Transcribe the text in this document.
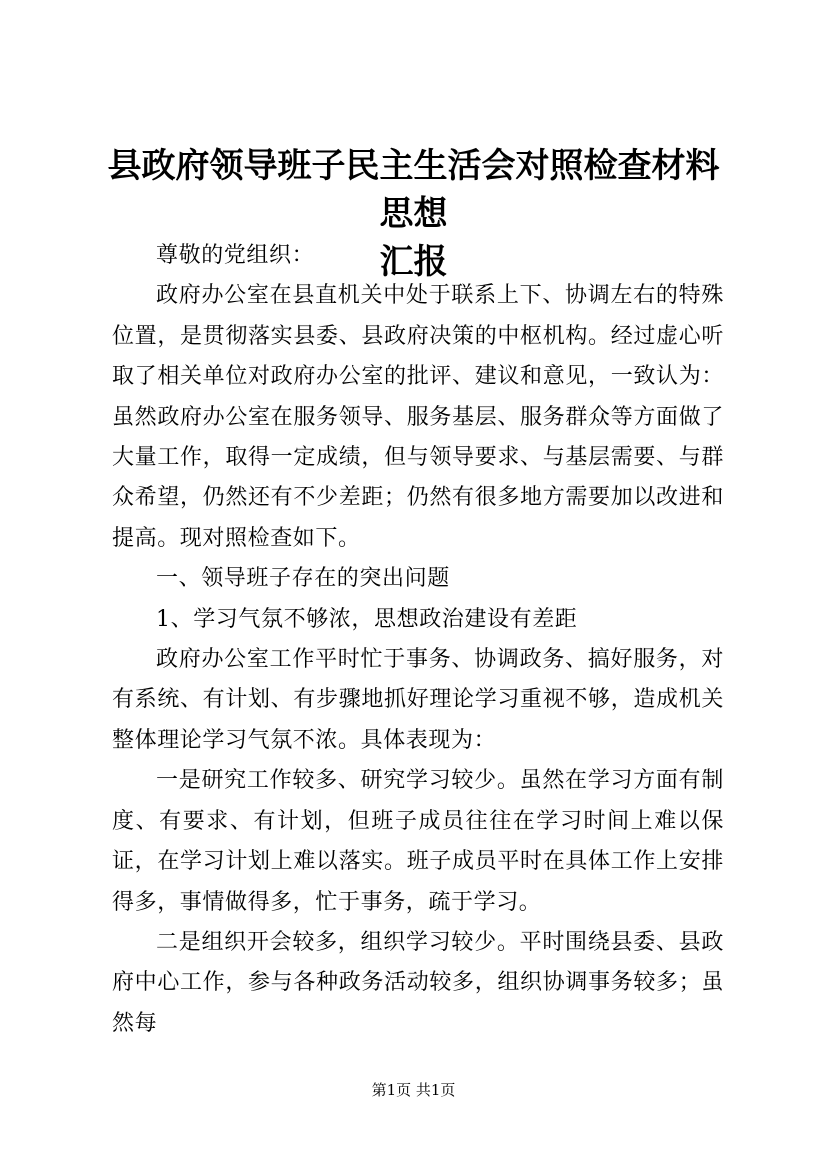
县政府领导班子民主生活会对照检查材料思想
汇报

尊敬的党组织：

政府办公室在县直机关中处于联系上下、协调左右的特殊位置，是贯彻落实县委、县政府决策的中枢机构。经过虚心听取了相关单位对政府办公室的批评、建议和意见，一致认为：虽然政府办公室在服务领导、服务基层、服务群众等方面做了大量工作，取得一定成绩，但与领导要求、与基层需要、与群众希望，仍然还有不少差距；仍然有很多地方需要加以改进和提高。现对照检查如下。

一、领导班子存在的突出问题

1、学习气氛不够浓，思想政治建设有差距

政府办公室工作平时忙于事务、协调政务、搞好服务，对有系统、有计划、有步骤地抓好理论学习重视不够，造成机关整体理论学习气氛不浓。具体表现为：

一是研究工作较多、研究学习较少。虽然在学习方面有制度、有要求、有计划，但班子成员往往在学习时间上难以保证，在学习计划上难以落实。班子成员平时在具体工作上安排得多，事情做得多，忙于事务，疏于学习。

二是组织开会较多，组织学习较少。平时围绕县委、县政府中心工作，参与各种政务活动较多，组织协调事务较多；虽然每

第1页 共1页
